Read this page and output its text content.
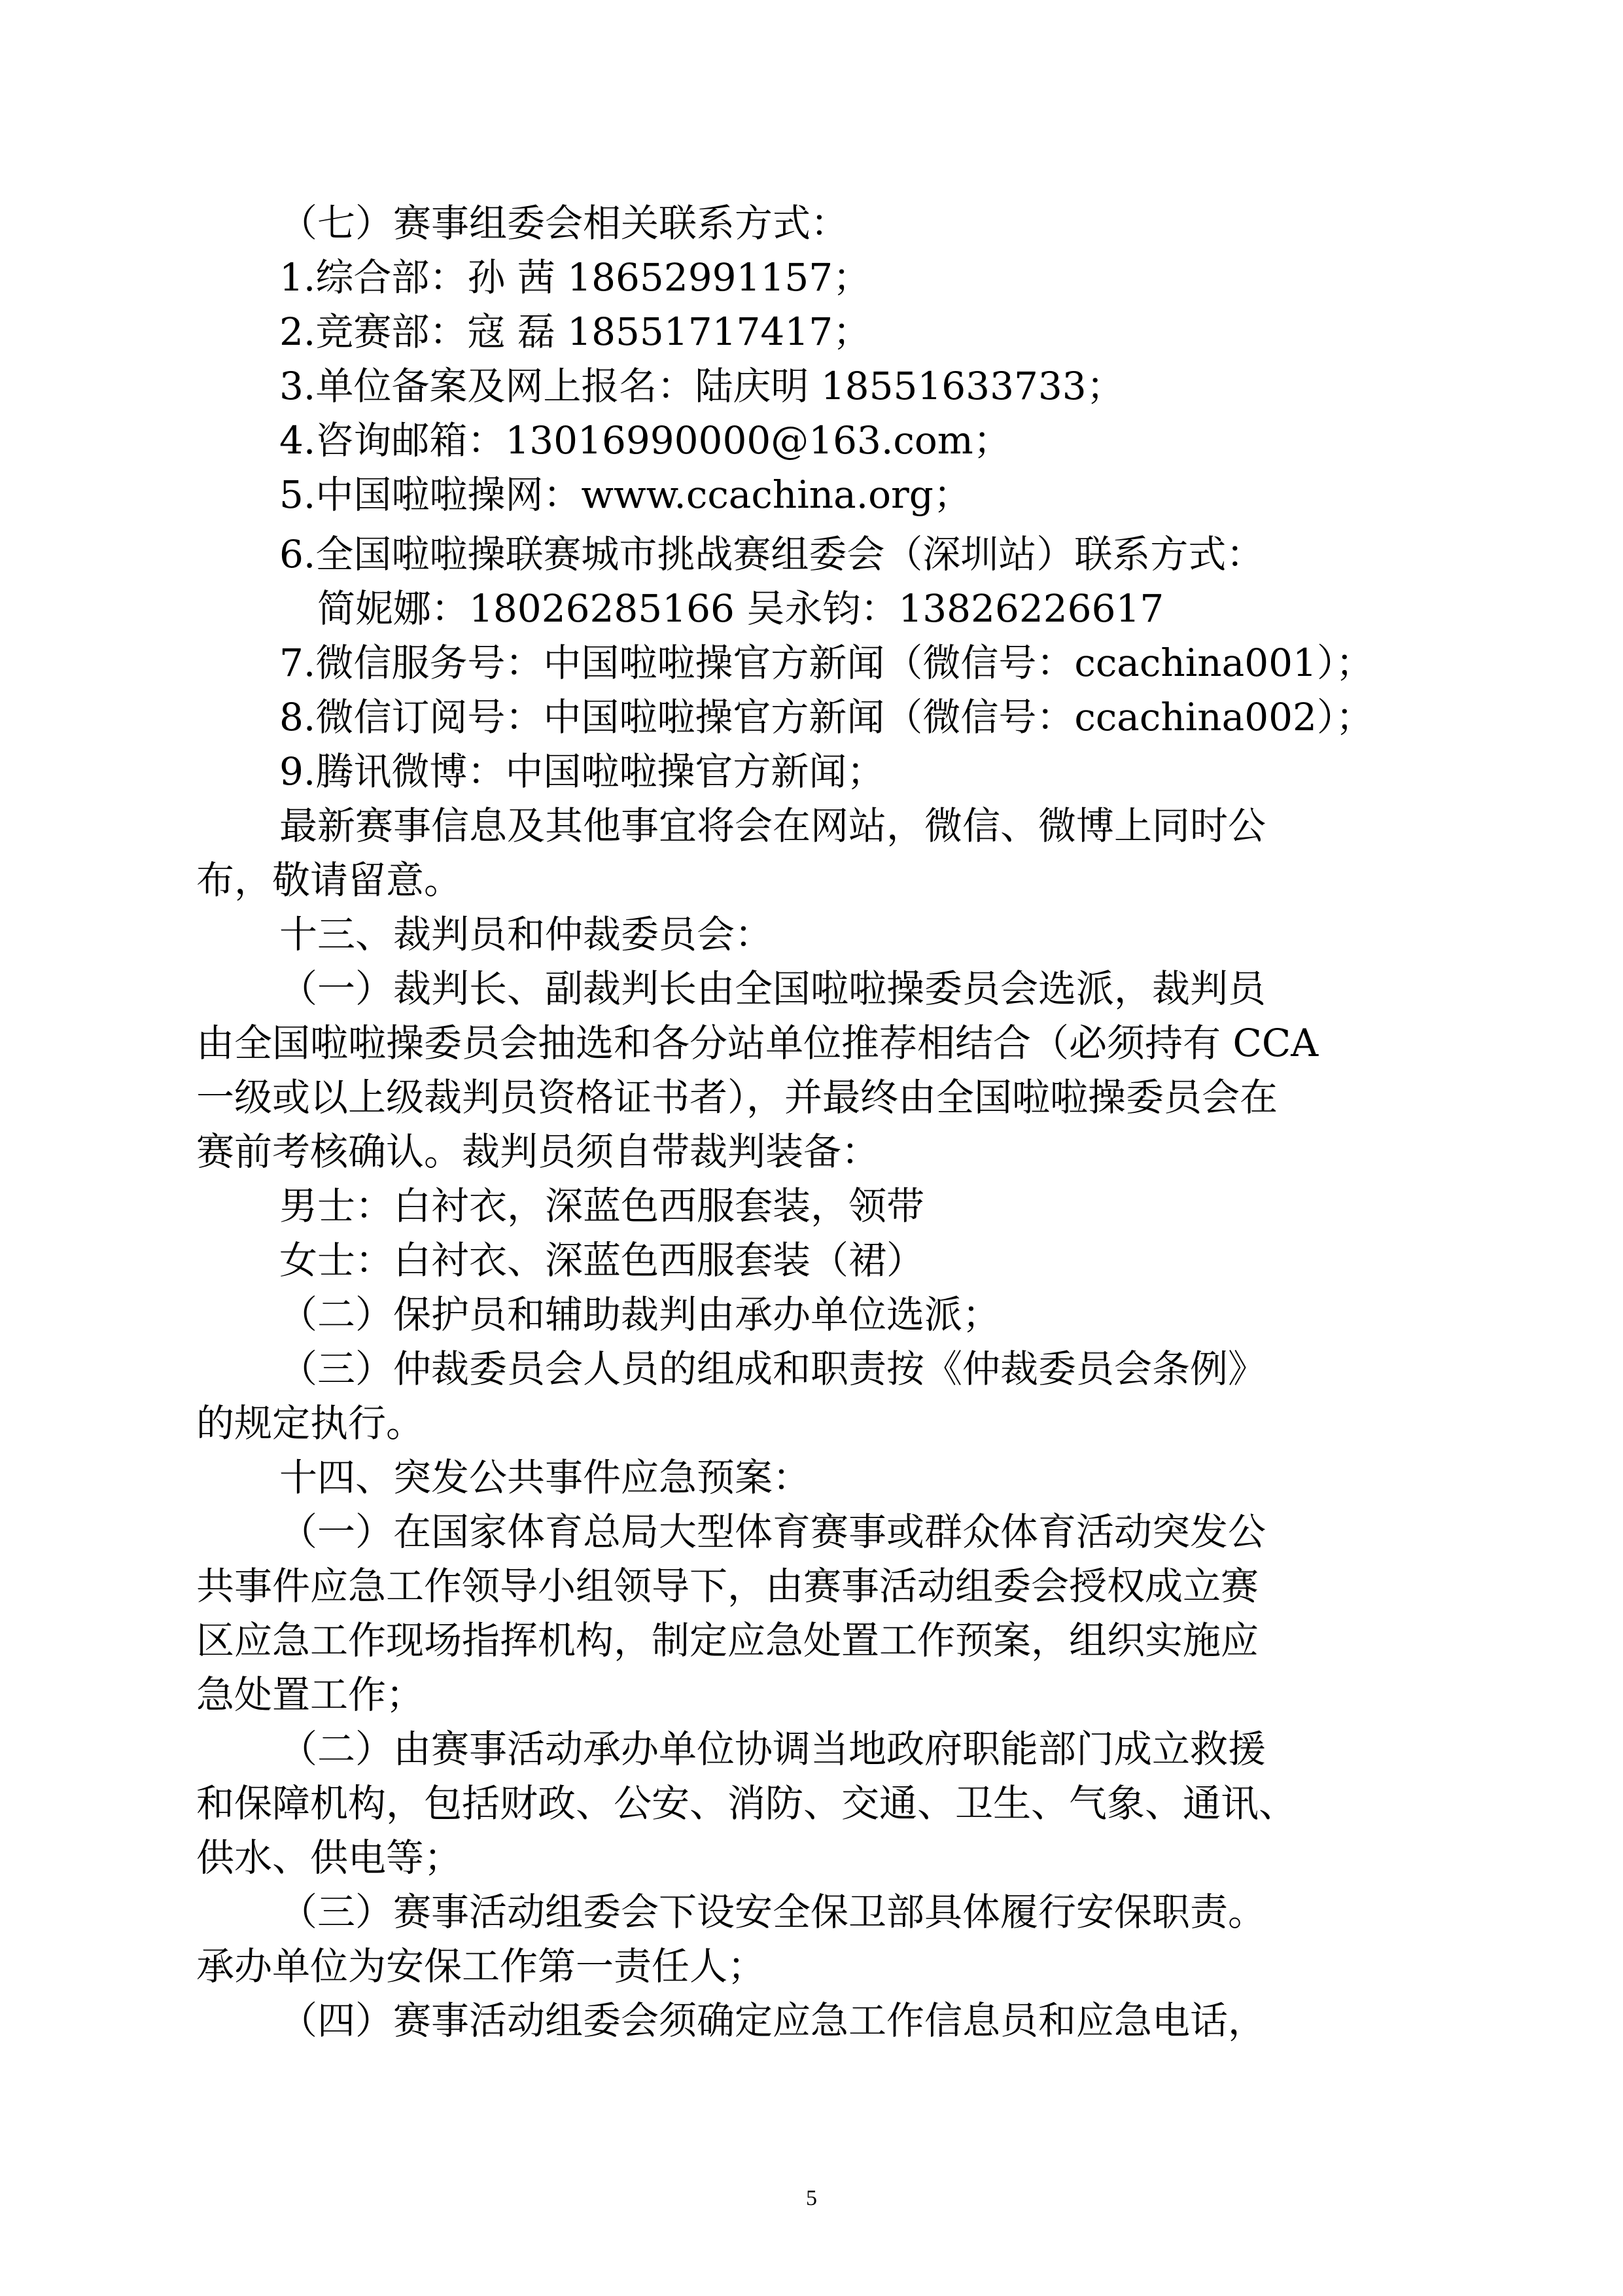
（七）赛事组委会相关联系方式：
1.综合部：孙 茜 18652991157；
2.竞赛部：寇 磊 18551717417；
3.单位备案及网上报名：陆庆明 18551633733；
4.咨询邮箱：13016990000@163.com；
5.中国啦啦操网：www.ccachina.org；
6.全国啦啦操联赛城市挑战赛组委会（深圳站）联系方式：
简妮娜：18026285166 吴永钧：13826226617
7.微信服务号：中国啦啦操官方新闻（微信号：ccachina001）；
8.微信订阅号：中国啦啦操官方新闻（微信号：ccachina002）；
9.腾讯微博：中国啦啦操官方新闻；
最新赛事信息及其他事宜将会在网站，微信、微博上同时公
布，敬请留意。
十三、裁判员和仲裁委员会：
（一）裁判长、副裁判长由全国啦啦操委员会选派，裁判员
由全国啦啦操委员会抽选和各分站单位推荐相结合（必须持有 CCA
一级或以上级裁判员资格证书者），并最终由全国啦啦操委员会在
赛前考核确认。裁判员须自带裁判装备：
男士：白衬衣，深蓝色西服套装，领带
女士：白衬衣、深蓝色西服套装（裙）
（二）保护员和辅助裁判由承办单位选派；
（三）仲裁委员会人员的组成和职责按《仲裁委员会条例》
的规定执行。
十四、突发公共事件应急预案：
（一）在国家体育总局大型体育赛事或群众体育活动突发公
共事件应急工作领导小组领导下，由赛事活动组委会授权成立赛
区应急工作现场指挥机构，制定应急处置工作预案，组织实施应
急处置工作；
（二）由赛事活动承办单位协调当地政府职能部门成立救援
和保障机构，包括财政、公安、消防、交通、卫生、气象、通讯、
供水、供电等；
（三）赛事活动组委会下设安全保卫部具体履行安保职责。
承办单位为安保工作第一责任人；
（四）赛事活动组委会须确定应急工作信息员和应急电话，
5
